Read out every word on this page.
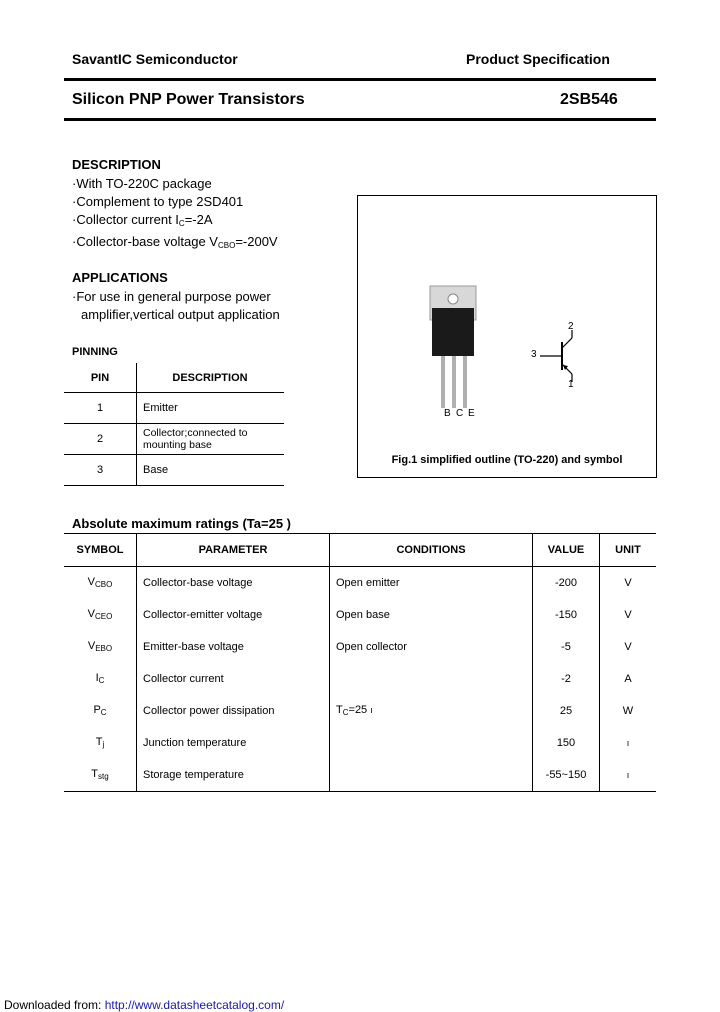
SavantIC Semiconductor	Product Specification
Silicon PNP Power Transistors	2SB546
DESCRIPTION
·With TO-220C package
·Complement to type 2SD401
·Collector current $I_C=-2A$
·Collector-base voltage $V_{CBO}=-200V$
APPLICATIONS
·For use in general purpose power
amplifier,vertical output application
PINNING
PIN	DESCRIPTION
1	Emitter
2	Collector;connected to mounting base
3	Base
B C E
2
3
1
Fig.1 simplified outline (TO-220) and symbol
Absolute maximum ratings (Ta=25 )
SYMBOL	PARAMETER	CONDITIONS	VALUE	UNIT
$V_{CBO}$	Collector-base voltage	Open emitter	-200	V
$V_{CEO}$	Collector-emitter voltage	Open base	-150	V
$V_{EBO}$	Emitter-base voltage	Open collector	-5	V
$I_C$	Collector current		-2	A
$P_C$	Collector power dissipation	$T_C=25$ ı	25	W
$T_j$	Junction temperature		150	ı
$T_{stg}$	Storage temperature		-55~150	ı
Downloaded from: http://www.datasheetcatalog.com/
